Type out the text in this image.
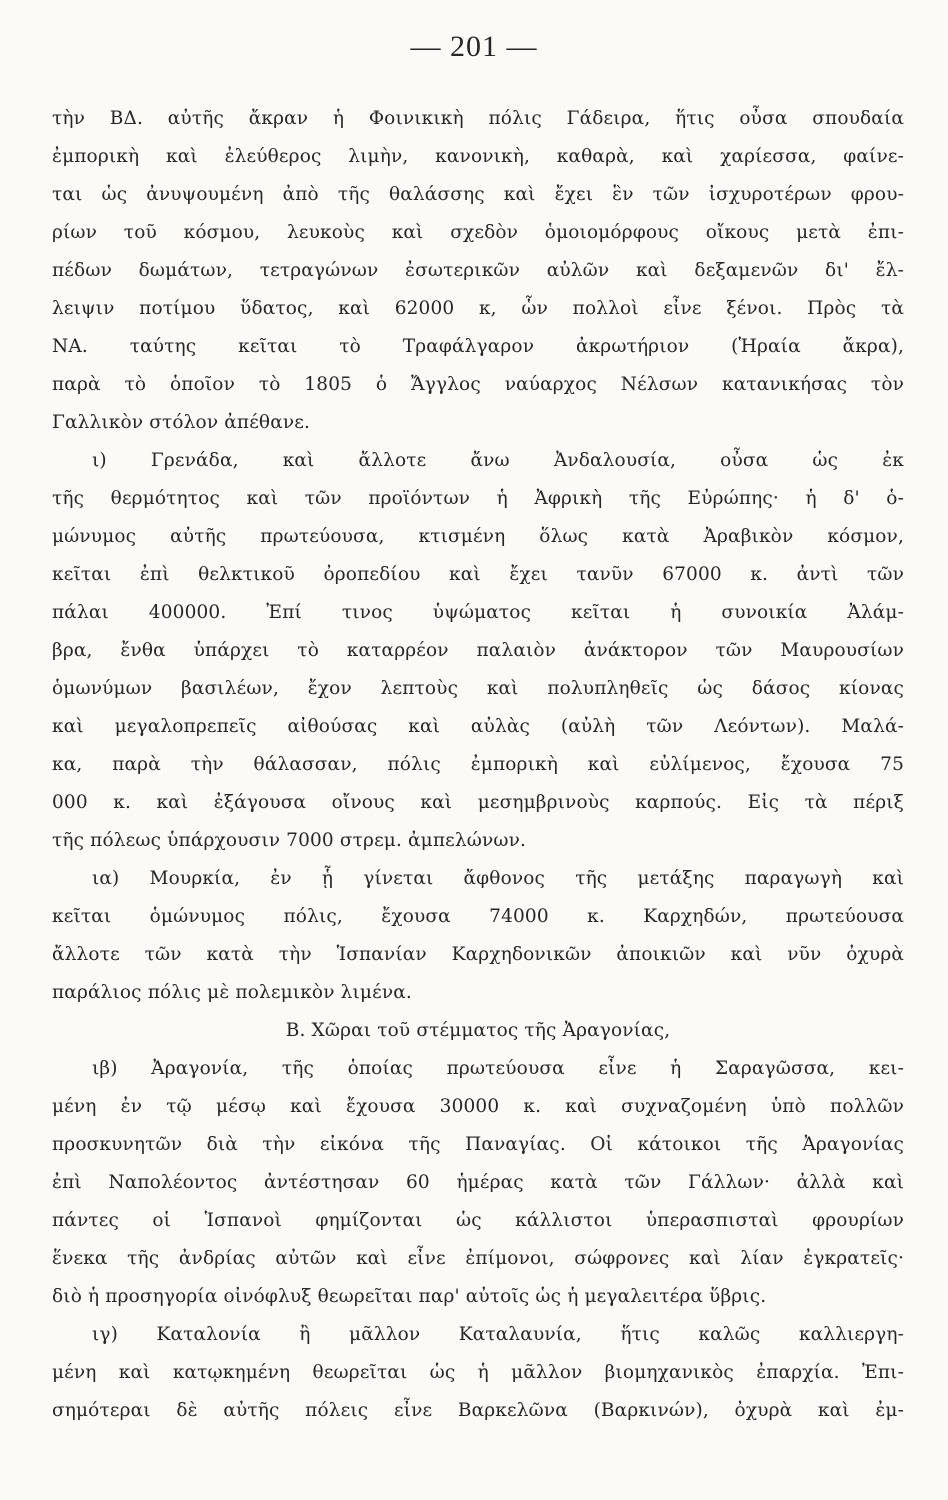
— 201 —
τὴν ΒΔ. αὐτῆς ἄκραν ἡ Φοινικικὴ πόλις Γάδειρα, ἥτις οὖσα σπουδαία
ἐμπορικὴ καὶ ἐλεύθερος λιμὴν, κανονικὴ, καθαρὰ, καὶ χαρίεσσα, φαίνε-
ται ὡς ἀνυψουμένη ἀπὸ τῆς θαλάσσης καὶ ἔχει ἓν τῶν ἰσχυροτέρων φρου-
ρίων τοῦ κόσμου, λευκοὺς καὶ σχεδὸν ὁμοιομόρφους οἴκους μετὰ ἐπι-
πέδων δωμάτων, τετραγώνων ἐσωτερικῶν αὐλῶν καὶ δεξαμενῶν δι' ἔλ-
λειψιν ποτίμου ὕδατος, καὶ 62000 κ, ὧν πολλοὶ εἶνε ξένοι. Πρὸς τὰ
ΝΑ. ταύτης κεῖται τὸ Τραφάλγαρον ἀκρωτήριον (Ἡραία ἄκρα),
παρὰ τὸ ὁποῖον τὸ 1805 ὁ Ἄγγλος ναύαρχος Νέλσων κατανικήσας τὸν
Γαλλικὸν στόλον ἀπέθανε.
ι) Γρενάδα, καὶ ἄλλοτε ἄνω Ἀνδαλουσία, οὖσα ὡς ἐκ
τῆς θερμότητος καὶ τῶν προϊόντων ἡ Ἀφρικὴ τῆς Εὐρώπης· ἡ δ' ὁ-
μώνυμος αὐτῆς πρωτεύουσα, κτισμένη ὅλως κατὰ Ἀραβικὸν κόσμον,
κεῖται ἐπὶ θελκτικοῦ ὀροπεδίου καὶ ἔχει τανῦν 67000 κ. ἀντὶ τῶν
πάλαι 400000. Ἐπί τινος ὑψώματος κεῖται ἡ συνοικία Ἀλάμ-
βρα, ἔνθα ὑπάρχει τὸ καταρρέον παλαιὸν ἀνάκτορον τῶν Μαυρουσίων
ὁμωνύμων βασιλέων, ἔχον λεπτοὺς καὶ πολυπληθεῖς ὡς δάσος κίονας
καὶ μεγαλοπρεπεῖς αἰθούσας καὶ αὐλὰς (αὐλὴ τῶν Λεόντων). Μαλά-
κα, παρὰ τὴν θάλασσαν, πόλις ἐμπορικὴ καὶ εὐλίμενος, ἔχουσα 75
000 κ. καὶ ἐξάγουσα οἴνους καὶ μεσημβρινοὺς καρπούς. Εἰς τὰ πέριξ
τῆς πόλεως ὑπάρχουσιν 7000 στρεμ. ἀμπελώνων.
ια) Μουρκία, ἐν ᾗ γίνεται ἄφθονος τῆς μετάξης παραγωγὴ καὶ
κεῖται ὁμώνυμος πόλις, ἔχουσα 74000 κ. Καρχηδών, πρωτεύουσα
ἄλλοτε τῶν κατὰ τὴν Ἱσπανίαν Καρχηδονικῶν ἀποικιῶν καὶ νῦν ὀχυρὰ
παράλιος πόλις μὲ πολεμικὸν λιμένα.
Β. Χῶραι τοῦ στέμματος τῆς Ἀραγονίας,
ιβ) Ἀραγονία, τῆς ὁποίας πρωτεύουσα εἶνε ἡ Σαραγῶσσα, κει-
μένη ἐν τῷ μέσῳ καὶ ἔχουσα 30000 κ. καὶ συχναζομένη ὑπὸ πολλῶν
προσκυνητῶν διὰ τὴν εἰκόνα τῆς Παναγίας. Οἱ κάτοικοι τῆς Ἀραγονίας
ἐπὶ Ναπολέοντος ἀντέστησαν 60 ἡμέρας κατὰ τῶν Γάλλων· ἀλλὰ καὶ
πάντες οἱ Ἱσπανοὶ φημίζονται ὡς κάλλιστοι ὑπερασπισταὶ φρουρίων
ἕνεκα τῆς ἀνδρίας αὐτῶν καὶ εἶνε ἐπίμονοι, σώφρονες καὶ λίαν ἐγκρατεῖς·
διὸ ἡ προσηγορία οἰνόφλυξ θεωρεῖται παρ' αὐτοῖς ὡς ἡ μεγαλειτέρα ὕβρις.
ιγ) Καταλονία ἢ μᾶλλον Καταλαυνία, ἥτις καλῶς καλλιεργη-
μένη καὶ κατῳκημένη θεωρεῖται ὡς ἡ μᾶλλον βιομηχανικὸς ἐπαρχία. Ἐπι-
σημότεραι δὲ αὐτῆς πόλεις εἶνε Βαρκελῶνα (Βαρκινών), ὀχυρὰ καὶ ἐμ-
